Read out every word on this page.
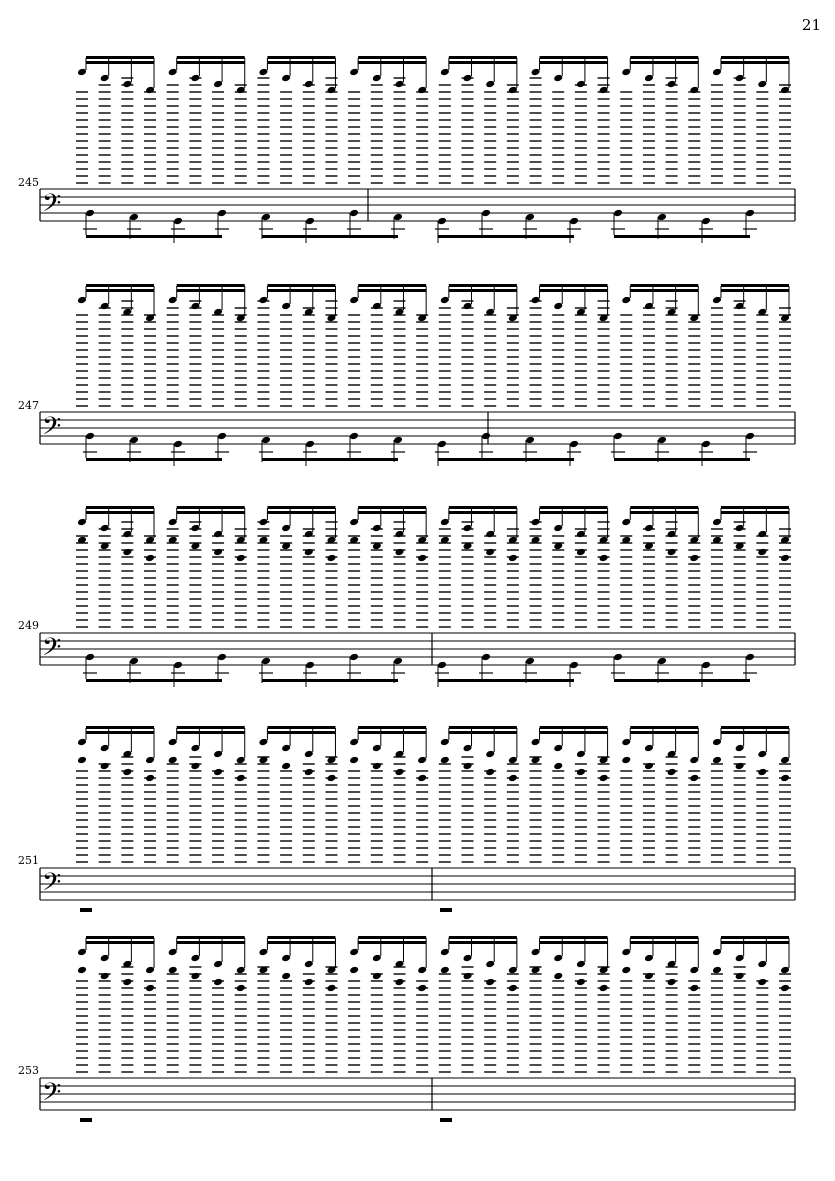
21
245
247
249
251
253
𝄢
𝄢
𝄢
𝄢
𝄢
